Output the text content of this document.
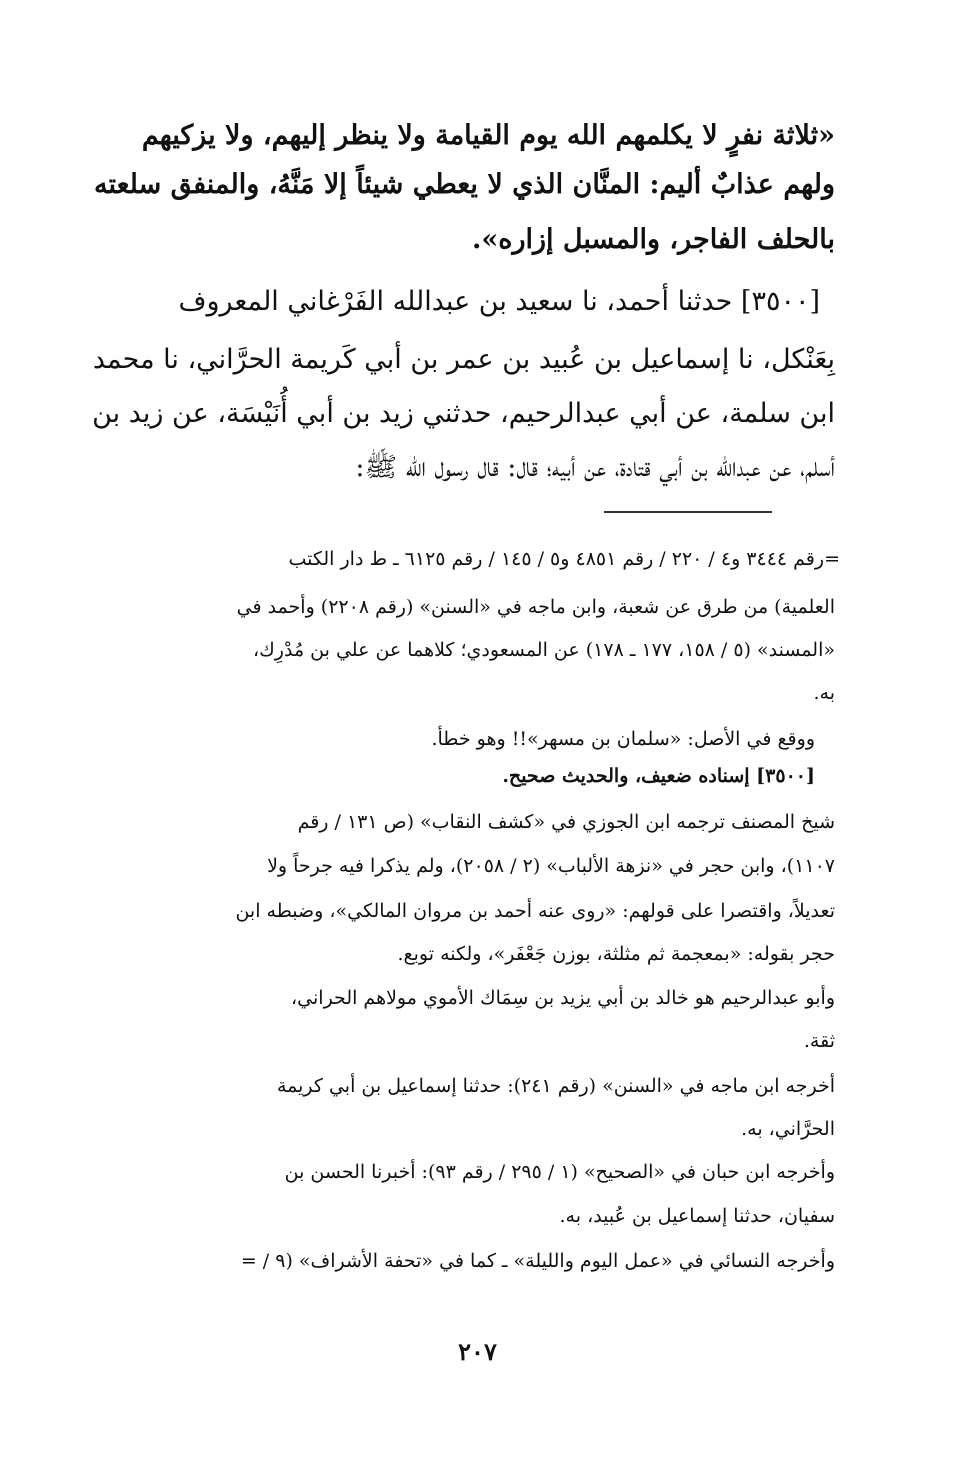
«ثلاثة نفرٍ لا يكلمهم الله يوم القيامة ولا ينظر إليهم، ولا يزكيهم
ولهم عذابٌ أليم: المنَّان الذي لا يعطي شيئاً إلا مَنَّهُ، والمنفق سلعته
بالحلف الفاجر، والمسبل إزاره».
[٣٥٠٠] حدثنا أحمد، نا سعيد بن عبدالله الفَرْغاني المعروف
بِعَنْكل، نا إسماعيل بن عُبيد بن عمر بن أبي كَريمة الحرَّاني، نا محمد
ابن سلمة، عن أبي عبدالرحيم، حدثني زيد بن أبي أُنَيْسَة، عن زيد بن
أسلم، عن عبدالله بن أبي قتادة، عن أبيه؛ قال: قال رسول الله ﷺ:
=رقم ٣٤٤٤ و٤ / ٢٢٠ / رقم ٤٨٥١ و٥ / ١٤٥ / رقم ٦١٢٥ ـ ط دار الكتب
العلمية) من طرق عن شعبة، وابن ماجه في «السنن» (رقم ٢٢٠٨) وأحمد في
«المسند» (٥ / ١٥٨، ١٧٧ ـ ١٧٨) عن المسعودي؛ كلاهما عن علي بن مُدْرِك،
به.
ووقع في الأصل: «سلمان بن مسهر»!! وهو خطأ.
[٣٥٠٠] إسناده ضعيف، والحديث صحيح.
شيخ المصنف ترجمه ابن الجوزي في «كشف النقاب» (ص ١٣١ / رقم
١١٠٧)، وابن حجر في «نزهة الألباب» (٢ / ٢٠٥٨)، ولم يذكرا فيه جرحاً ولا
تعديلاً، واقتصرا على قولهم: «روى عنه أحمد بن مروان المالكي»، وضبطه ابن
حجر بقوله: «بمعجمة ثم مثلثة، بوزن جَعْفَر»، ولكنه توبع.
وأبو عبدالرحيم هو خالد بن أبي يزيد بن سِمَاك الأموي مولاهم الحراني،
ثقة.
أخرجه ابن ماجه في «السنن» (رقم ٢٤١): حدثنا إسماعيل بن أبي كريمة
الحرَّاني، به.
وأخرجه ابن حبان في «الصحيح» (١ / ٢٩٥ / رقم ٩٣): أخبرنا الحسن بن
سفيان، حدثنا إسماعيل بن عُبيد، به.
وأخرجه النسائي في «عمل اليوم والليلة» ـ كما في «تحفة الأشراف» (٩ / =
٢٠٧
